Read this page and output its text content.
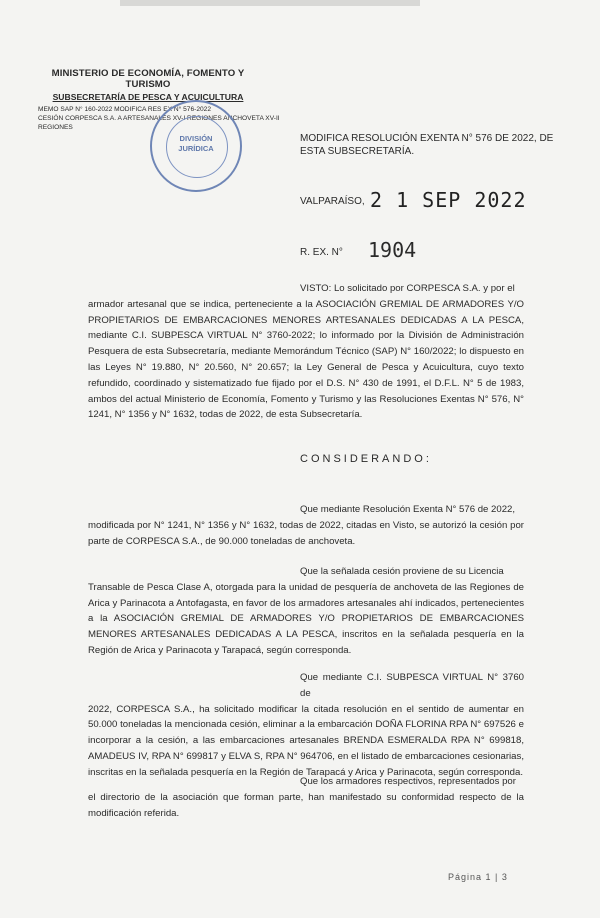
MINISTERIO DE ECONOMÍA, FOMENTO Y TURISMO
SUBSECRETARÍA DE PESCA Y ACUICULTURA
MEMO SAP N° 160-2022 MODIFICA RES EX N° 576-2022
CESIÓN CORPESCA S.A. A ARTESANALES XV-I REGIONES ANCHOVETA XV-II
REGIONES
DIVISIÓN
JURÍDICA
MODIFICA RESOLUCIÓN EXENTA N° 576 DE 2022, DE ESTA SUBSECRETARÍA.
VALPARAÍSO, 2 1 SEP 2022
R. EX. N° 1904
VISTO: Lo solicitado por CORPESCA S.A. y por el
armador artesanal que se indica, perteneciente a la ASOCIACIÓN GREMIAL DE ARMADORES Y/O PROPIETARIOS DE EMBARCACIONES MENORES ARTESANALES DEDICADAS A LA PESCA, mediante C.I. SUBPESCA VIRTUAL N° 3760-2022; lo informado por la División de Administración Pesquera de esta Subsecretaría, mediante Memorándum Técnico (SAP) N° 160/2022; lo dispuesto en las Leyes N° 19.880, N° 20.560, N° 20.657; la Ley General de Pesca y Acuicultura, cuyo texto refundido, coordinado y sistematizado fue fijado por el D.S. N° 430 de 1991, el D.F.L. N° 5 de 1983, ambos del actual Ministerio de Economía, Fomento y Turismo y las Resoluciones Exentas N° 576, N° 1241, N° 1356 y N° 1632, todas de 2022, de esta Subsecretaría.
CONSIDERANDO:
Que mediante Resolución Exenta N° 576 de 2022,
modificada por N° 1241, N° 1356 y N° 1632, todas de 2022, citadas en Visto, se autorizó la cesión por parte de CORPESCA S.A., de 90.000 toneladas de anchoveta.
Que la señalada cesión proviene de su Licencia
Transable de Pesca Clase A, otorgada para la unidad de pesquería de anchoveta de las Regiones de Arica y Parinacota a Antofagasta, en favor de los armadores artesanales ahí indicados, pertenecientes a la ASOCIACIÓN GREMIAL DE ARMADORES Y/O PROPIETARIOS DE EMBARCACIONES MENORES ARTESANALES DEDICADAS A LA PESCA, inscritos en la señalada pesquería en la Región de Arica y Parinacota y Tarapacá, según corresponda.
Que mediante C.I. SUBPESCA VIRTUAL N° 3760 de
2022, CORPESCA S.A., ha solicitado modificar la citada resolución en el sentido de aumentar en 50.000 toneladas la mencionada cesión, eliminar a la embarcación DOÑA FLORINA RPA N° 697526 e incorporar a la cesión, a las embarcaciones artesanales BRENDA ESMERALDA RPA N° 699818, AMADEUS IV, RPA N° 699817 y ELVA S, RPA N° 964706, en el listado de embarcaciones cesionarias, inscritas en la señalada pesquería en la Región de Tarapacá y Arica y Parinacota, según corresponda.
Que los armadores respectivos, representados por
el directorio de la asociación que forman parte, han manifestado su conformidad respecto de la modificación referida.
Página 1 | 3
